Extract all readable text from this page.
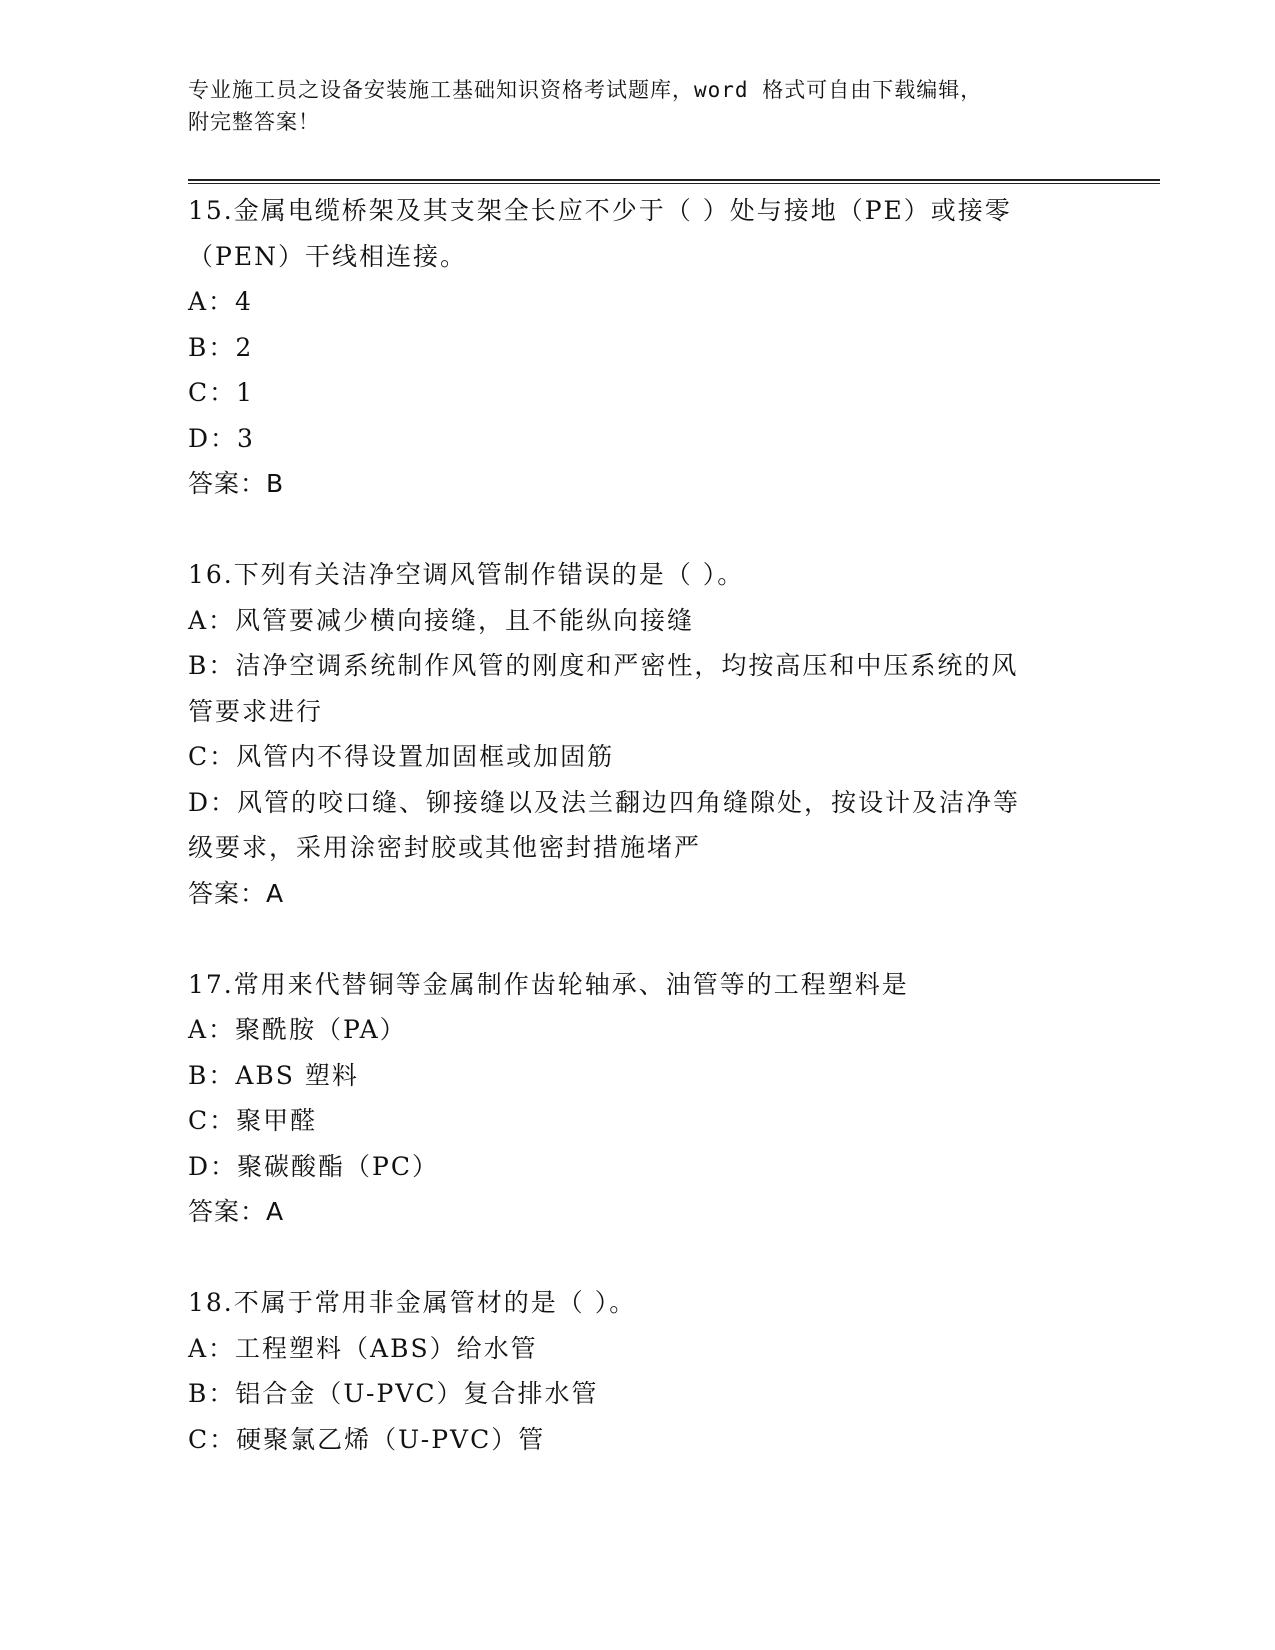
专业施工员之设备安装施工基础知识资格考试题库，word 格式可自由下载编辑，
附完整答案！
15.金属电缆桥架及其支架全长应不少于（ ）处与接地（PE）或接零
（PEN）干线相连接。
A：4
B：2
C：1
D：3
答案：B
16.下列有关洁净空调风管制作错误的是（ ）。
A：风管要减少横向接缝，且不能纵向接缝
B：洁净空调系统制作风管的刚度和严密性，均按高压和中压系统的风
管要求进行
C：风管内不得设置加固框或加固筋
D：风管的咬口缝、铆接缝以及法兰翻边四角缝隙处，按设计及洁净等
级要求，采用涂密封胶或其他密封措施堵严
答案：A
17.常用来代替铜等金属制作齿轮轴承、油管等的工程塑料是
A：聚酰胺（PA）
B：ABS 塑料
C：聚甲醛
D：聚碳酸酯（PC）
答案：A
18.不属于常用非金属管材的是（ ）。
A：工程塑料（ABS）给水管
B：铝合金（U-PVC）复合排水管
C：硬聚氯乙烯（U-PVC）管
